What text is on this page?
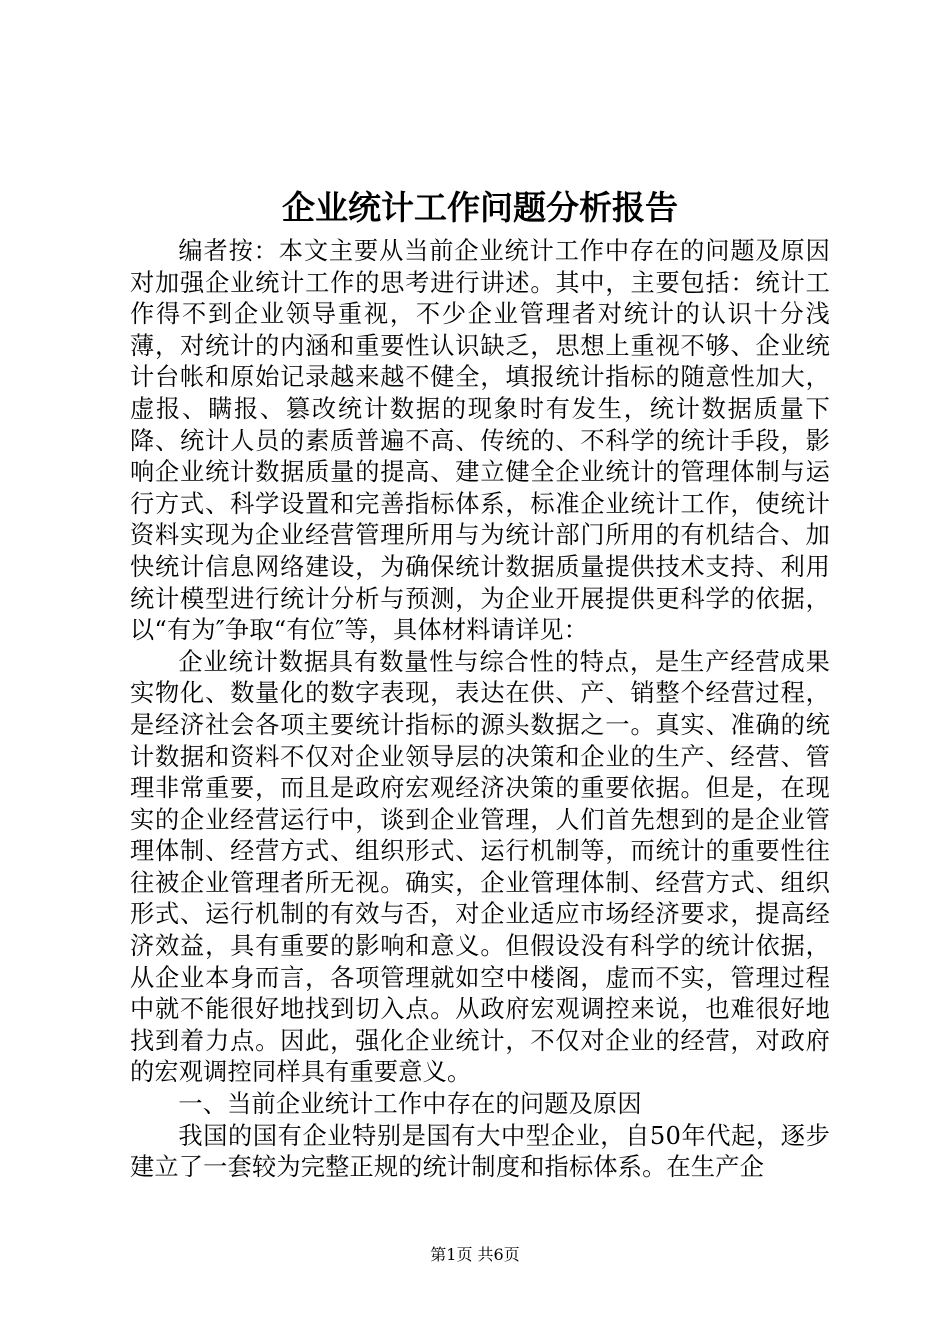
企业统计工作问题分析报告

编者按：本文主要从当前企业统计工作中存在的问题及原因对加强企业统计工作的思考进行讲述。其中，主要包括：统计工作得不到企业领导重视，不少企业管理者对统计的认识十分浅薄，对统计的内涵和重要性认识缺乏，思想上重视不够、企业统计台帐和原始记录越来越不健全，填报统计指标的随意性加大，虚报、瞒报、篡改统计数据的现象时有发生，统计数据质量下降、统计人员的素质普遍不高、传统的、不科学的统计手段，影响企业统计数据质量的提高、建立健全企业统计的管理体制与运行方式、科学设置和完善指标体系，标准企业统计工作，使统计资料实现为企业经营管理所用与为统计部门所用的有机结合、加快统计信息网络建设，为确保统计数据质量提供技术支持、利用统计模型进行统计分析与预测，为企业开展提供更科学的依据，以“有为″争取“有位″等，具体材料请详见：

企业统计数据具有数量性与综合性的特点，是生产经营成果实物化、数量化的数字表现，表达在供、产、销整个经营过程，是经济社会各项主要统计指标的源头数据之一。真实、准确的统计数据和资料不仅对企业领导层的决策和企业的生产、经营、管理非常重要，而且是政府宏观经济决策的重要依据。但是，在现实的企业经营运行中，谈到企业管理，人们首先想到的是企业管理体制、经营方式、组织形式、运行机制等，而统计的重要性往往被企业管理者所无视。确实，企业管理体制、经营方式、组织形式、运行机制的有效与否，对企业适应市场经济要求，提高经济效益，具有重要的影响和意义。但假设没有科学的统计依据，从企业本身而言，各项管理就如空中楼阁，虚而不实，管理过程中就不能很好地找到切入点。从政府宏观调控来说，也难很好地找到着力点。因此，强化企业统计，不仅对企业的经营，对政府的宏观调控同样具有重要意义。

一、当前企业统计工作中存在的问题及原因

我国的国有企业特别是国有大中型企业，自50年代起，逐步建立了一套较为完整正规的统计制度和指标体系。在生产企

第1页 共6页
